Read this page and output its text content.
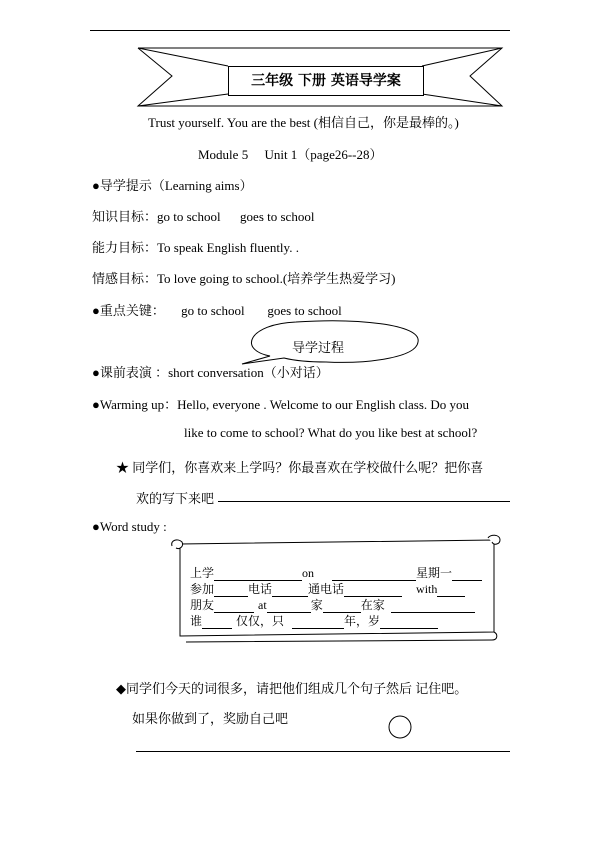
三年级 下册 英语导学案
Trust yourself. You are the best (相信自己，你是最棒的。)
Module 5     Unit 1（page26--28）
●导学提示（Learning aims）
知识目标：go to school      goes to school
能力目标：To speak English fluently. .
情感目标：To love going to school.(培养学生热爱学习)
●重点关键：     go to school       goes to school
导学过程
●课前表演 ：short conversation（小对话）
●Warming up：Hello, everyone . Welcome to our English class. Do you
like to come to school? What do you like best at school?
★ 同学们，你喜欢来上学吗？你最喜欢在学校做什么呢？把你喜
欢的写下来吧
●Word study :
上学	on	星期一
参加	电话	通电话	with
朋友	at	家	在家
谁	仅仅，只	年，岁
◆同学们今天的词很多，请把他们组成几个句子然后 记住吧。
如果你做到了，奖励自己吧
